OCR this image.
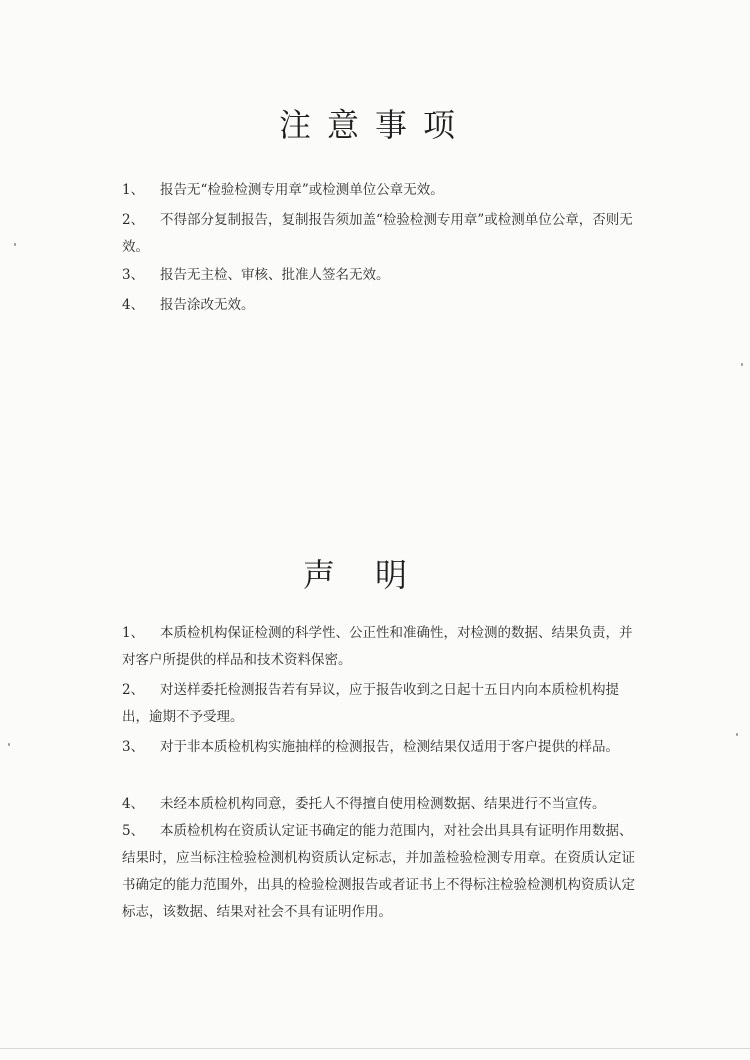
注意事项
1、 报告无“检验检测专用章”或检测单位公章无效。
2、 不得部分复制报告，复制报告须加盖“检验检测专用章”或检测单位公章，否则无效。
3、 报告无主检、审核、批准人签名无效。
4、 报告涂改无效。
声明
1、 本质检机构保证检测的科学性、公正性和准确性，对检测的数据、结果负责，并对客户所提供的样品和技术资料保密。
2、 对送样委托检测报告若有异议，应于报告收到之日起十五日内向本质检机构提出，逾期不予受理。
3、 对于非本质检机构实施抽样的检测报告，检测结果仅适用于客户提供的样品。
4、 未经本质检机构同意，委托人不得擅自使用检测数据、结果进行不当宣传。
5、 本质检机构在资质认定证书确定的能力范围内，对社会出具具有证明作用数据、结果时，应当标注检验检测机构资质认定标志，并加盖检验检测专用章。在资质认定证书确定的能力范围外，出具的检验检测报告或者证书上不得标注检验检测机构资质认定标志，该数据、结果对社会不具有证明作用。
